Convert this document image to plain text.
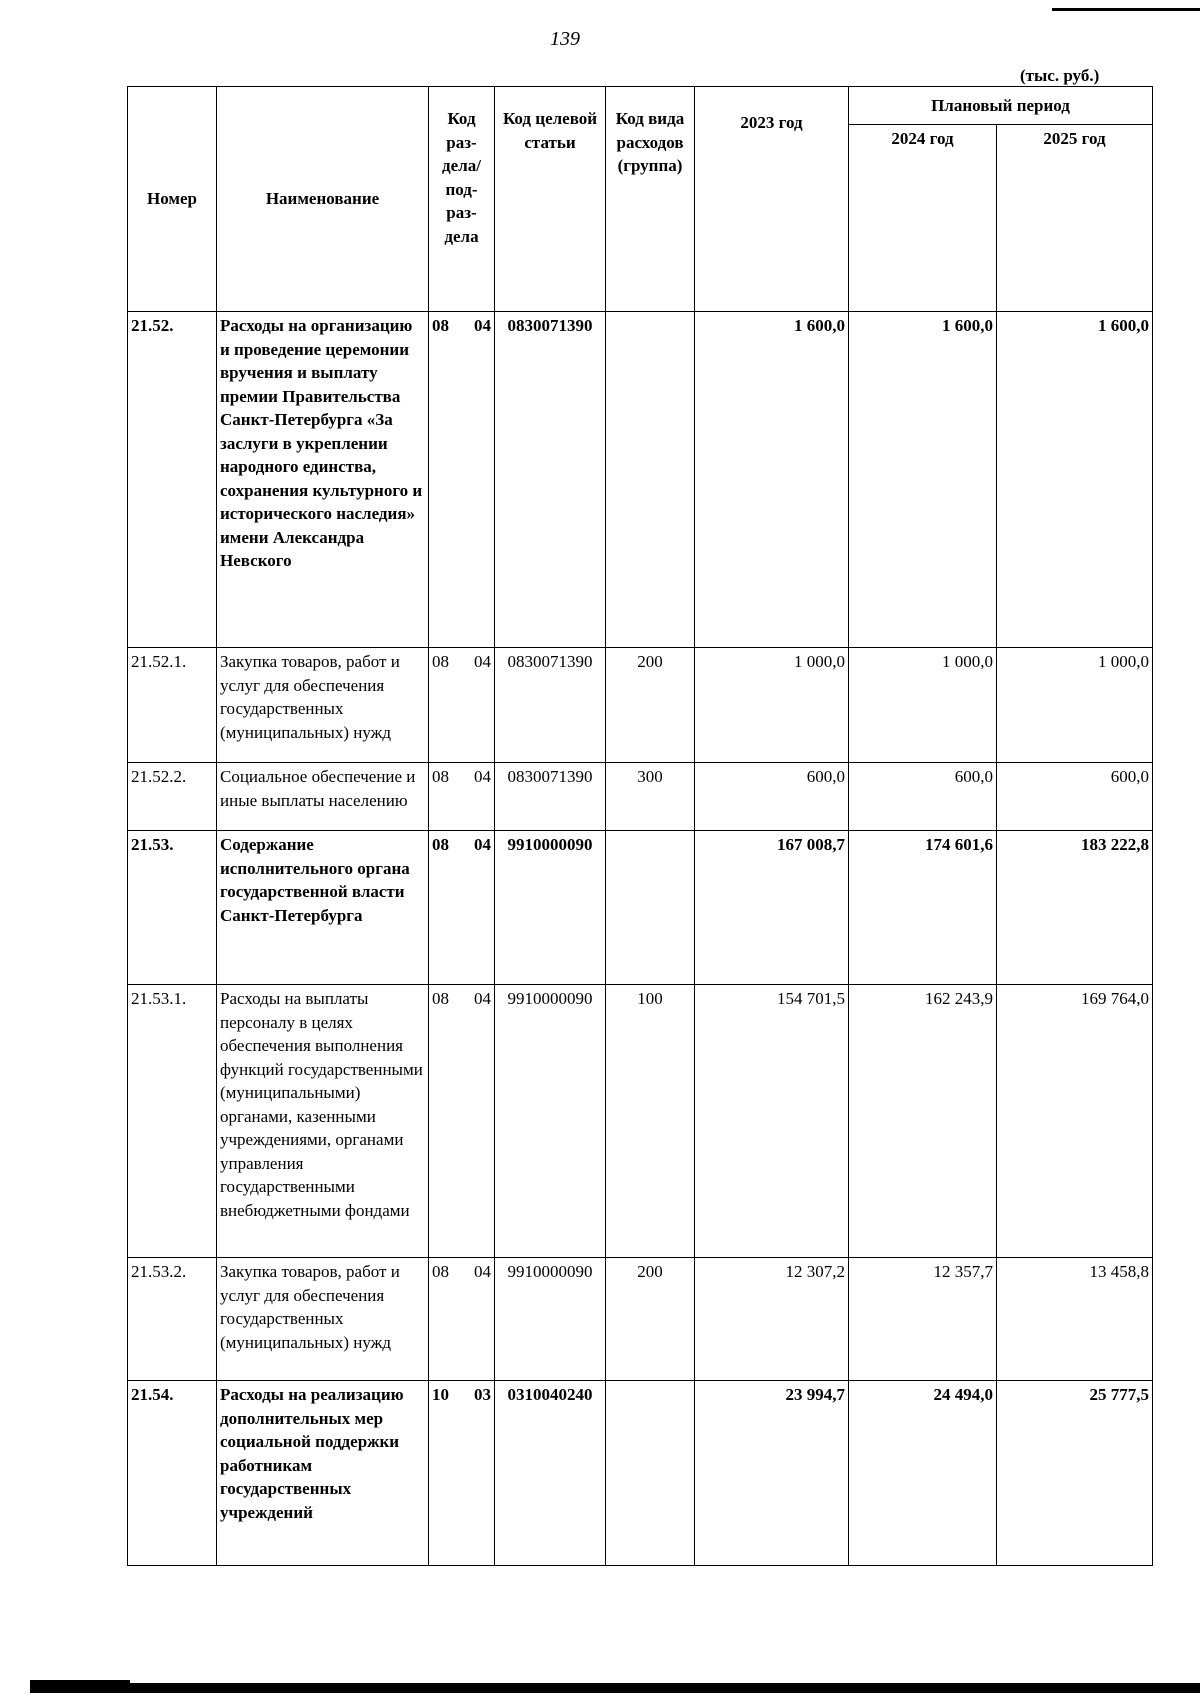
139
(тыс. руб.)
Номер	Наименование	Код раз- дела/ под- раз- дела	Код целевой статьи	Код вида расходов (группа)	2023 год	Плановый период	
						2024 год	2025 год
21.52.	Расходы на организацию и проведение церемонии вручения и выплату премии Правительства Санкт-Петербурга «За заслуги в укреплении народного единства, сохранения культурного и исторического наследия» имени Александра Невского	08 04	0830071390		1 600,0	1 600,0	1 600,0
21.52.1.	Закупка товаров, работ и услуг для обеспечения государственных (муниципальных) нужд	08 04	0830071390	200	1 000,0	1 000,0	1 000,0
21.52.2.	Социальное обеспечение и иные выплаты населению	08 04	0830071390	300	600,0	600,0	600,0
21.53.	Содержание исполнительного органа государственной власти Санкт-Петербурга	08 04	9910000090		167 008,7	174 601,6	183 222,8
21.53.1.	Расходы на выплаты персоналу в целях обеспечения выполнения функций государственными (муниципальными) органами, казенными учреждениями, органами управления государственными внебюджетными фондами	08 04	9910000090	100	154 701,5	162 243,9	169 764,0
21.53.2.	Закупка товаров, работ и услуг для обеспечения государственных (муниципальных) нужд	08 04	9910000090	200	12 307,2	12 357,7	13 458,8
21.54.	Расходы на реализацию дополнительных мер социальной поддержки работникам государственных учреждений	10 03	0310040240		23 994,7	24 494,0	25 777,5
